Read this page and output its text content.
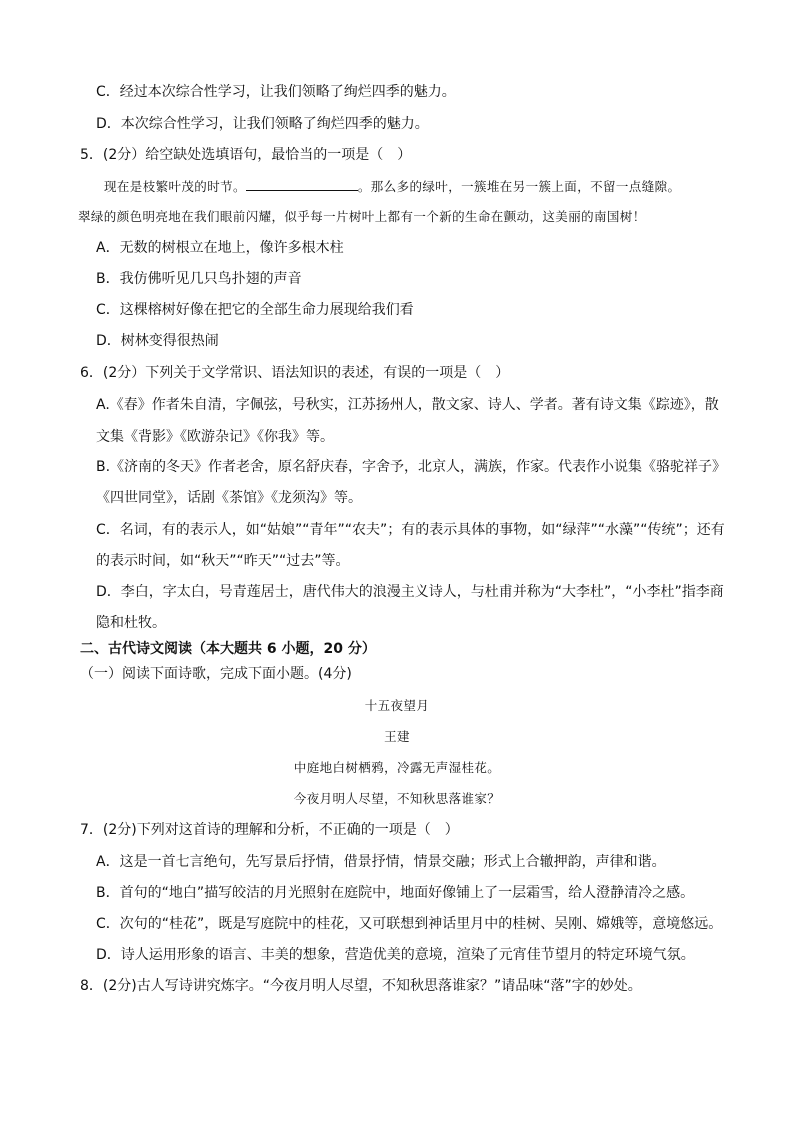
C．经过本次综合性学习，让我们领略了绚烂四季的魅力。
D．本次综合性学习，让我们领略了绚烂四季的魅力。
5．(2分）给空缺处选填语句，最恰当的一项是（　）
现在是枝繁叶茂的时节。	。那么多的绿叶，一簇堆在另一簇上面，不留一点缝隙。
翠绿的颜色明亮地在我们眼前闪耀，似乎每一片树叶上都有一个新的生命在颤动，这美丽的南国树！
A．无数的树根立在地上，像许多根木柱
B．我仿佛听见几只鸟扑翅的声音
C．这棵榕树好像在把它的全部生命力展现给我们看
D．树林变得很热闹
6．(2分）下列关于文学常识、语法知识的表述，有误的一项是（　）
A.《春》作者朱自清，字佩弦，号秋实，江苏扬州人，散文家、诗人、学者。著有诗文集《踪迹》，散
文集《背影》《欧游杂记》《你我》等。
B.《济南的冬天》作者老舍，原名舒庆春，字舍予，北京人，满族，作家。代表作小说集《骆驼祥子》
《四世同堂》，话剧《茶馆》《龙须沟》等。
C．名词，有的表示人，如“姑娘”“青年”“农夫”；有的表示具体的事物，如“绿萍”“水藻”“传统”；还有
的表示时间，如“秋天”“昨天”“过去”等。
D．李白，字太白，号青莲居士，唐代伟大的浪漫主义诗人，与杜甫并称为“大李杜”，“小李杜”指李商
隐和杜牧。
二、古代诗文阅读（本大题共 6 小题，20 分）
（一）阅读下面诗歌，完成下面小题。(4分)
十五夜望月
王建
中庭地白树栖鸦，冷露无声湿桂花。
今夜月明人尽望，不知秋思落谁家？
7．(2分)下列对这首诗的理解和分析，不正确的一项是（　）
A．这是一首七言绝句，先写景后抒情，借景抒情，情景交融；形式上合辙押韵，声律和谐。
B．首句的“地白”描写皎洁的月光照射在庭院中，地面好像铺上了一层霜雪，给人澄静清冷之感。
C．次句的“桂花”，既是写庭院中的桂花，又可联想到神话里月中的桂树、吴刚、嫦娥等，意境悠远。
D．诗人运用形象的语言、丰美的想象，营造优美的意境，渲染了元宵佳节望月的特定环境气氛。
8．(2分)古人写诗讲究炼字。“今夜月明人尽望，不知秋思落谁家？”请品味“落”字的妙处。
